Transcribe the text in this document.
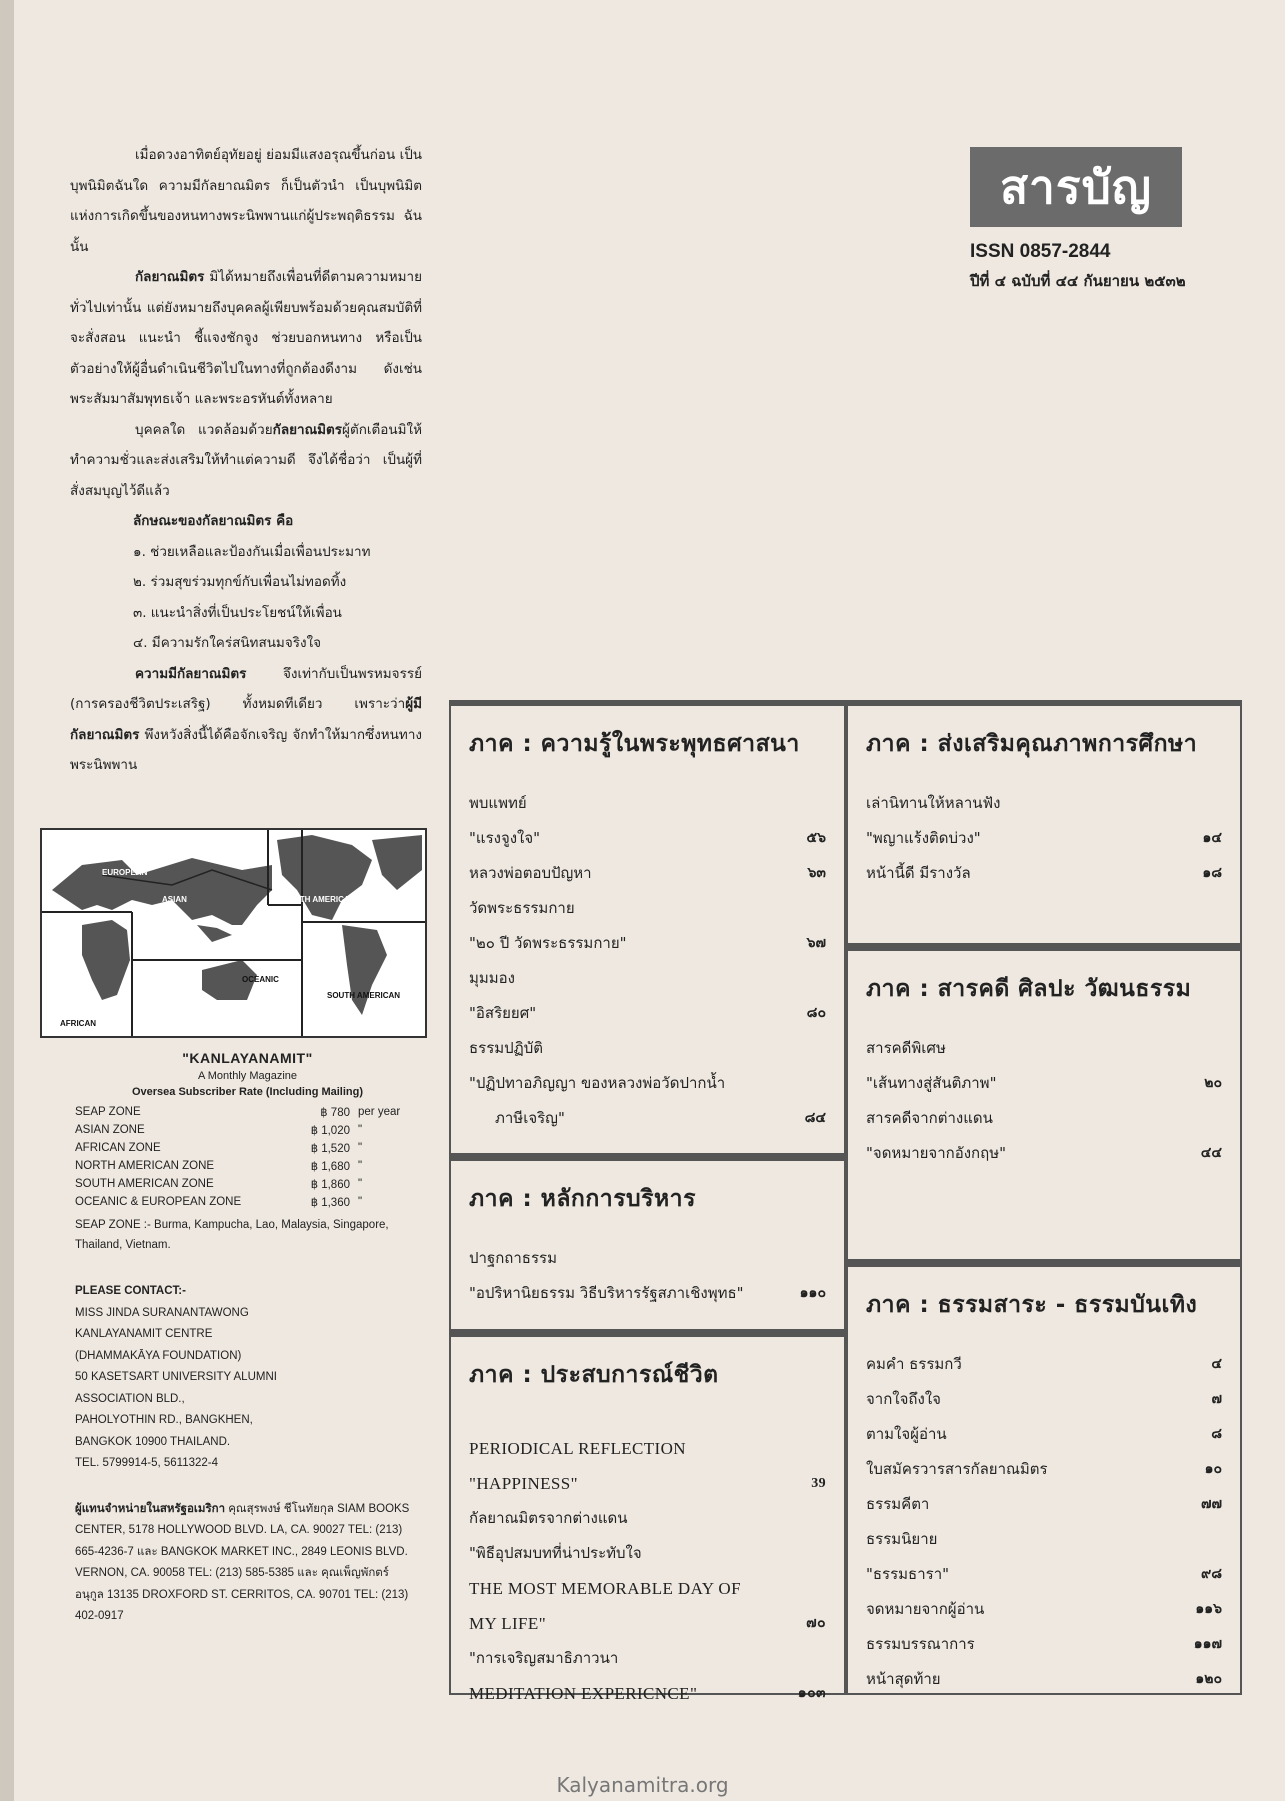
เมื่อดวงอาทิตย์อุทัยอยู่ ย่อมมีแสงอรุณขึ้นก่อน เป็นบุพนิมิตฉันใด ความมีกัลยาณมิตร ก็เป็นตัวนำ เป็นบุพนิมิตแห่งการเกิดขึ้นของหนทางพระนิพพานแก่ผู้ประพฤติธรรม ฉันนั้น

กัลยาณมิตร มิได้หมายถึงเพื่อนที่ดีตามความหมายทั่วไปเท่านั้น แต่ยังหมายถึงบุคคลผู้เพียบพร้อมด้วยคุณสมบัติที่จะสั่งสอน แนะนำ ชี้แจงชักจูง ช่วยบอกหนทาง หรือเป็นตัวอย่างให้ผู้อื่นดำเนินชีวิตไปในทางที่ถูกต้องดีงาม ดังเช่นพระสัมมาสัมพุทธเจ้า และพระอรหันต์ทั้งหลาย

บุคคลใด แวดล้อมด้วยกัลยาณมิตรผู้ตักเตือนมิให้ทำความชั่วและส่งเสริมให้ทำแต่ความดี จึงได้ชื่อว่า เป็นผู้ที่สั่งสมบุญไว้ดีแล้ว

ลักษณะของกัลยาณมิตร คือ
๑. ช่วยเหลือและป้องกันเมื่อเพื่อนประมาท
๒. ร่วมสุขร่วมทุกข์กับเพื่อนไม่ทอดทิ้ง
๓. แนะนำสิ่งที่เป็นประโยชน์ให้เพื่อน
๔. มีความรักใคร่สนิทสนมจริงใจ

ความมีกัลยาณมิตร จึงเท่ากับเป็นพรหมจรรย์ (การครองชีวิตประเสริฐ) ทั้งหมดทีเดียว เพราะว่าผู้มีกัลยาณมิตร พึงหวังสิ่งนี้ได้คือจักเจริญ จักทำให้มากซึ่งหนทางพระนิพพาน

สารบัญ
ISSN 0857-2844
ปีที่ ๔ ฉบับที่ ๔๔ กันยายน ๒๕๓๒
EUROPEAN
ASIAN
SEAP
NORTH AMERICAN
OCEANIC
SOUTH AMERICAN
AFRICAN
"KANLAYANAMIT"
A Monthly Magazine
Oversea Subscriber Rate (Including Mailing)
SEAP ZONE	฿ 780	per year
ASIAN ZONE	฿ 1,020	"
AFRICAN ZONE	฿ 1,520	"
NORTH AMERICAN ZONE	฿ 1,680	"
SOUTH AMERICAN ZONE	฿ 1,860	"
OCEANIC & EUROPEAN ZONE	฿ 1,360	"
SEAP ZONE :- Burma, Kampucha, Lao, Malaysia, Singapore, Thailand, Vietnam.
PLEASE CONTACT:-
MISS JINDA SURANANTAWONG
KANLAYANAMIT CENTRE
(DHAMMAKĀYA FOUNDATION)
50 KASETSART UNIVERSITY ALUMNI
ASSOCIATION BLD.,
PAHOLYOTHIN RD., BANGKHEN,
BANGKOK 10900 THAILAND.
TEL. 5799914-5, 5611322-4
ผู้แทนจำหน่ายในสหรัฐอเมริกา คุณสุรพงษ์ ชีโนทัยกุล SIAM BOOKS CENTER, 5178 HOLLYWOOD BLVD. LA, CA. 90027 TEL: (213) 665-4236-7 และ BANGKOK MARKET INC., 2849 LEONIS BLVD. VERNON, CA. 90058 TEL: (213) 585-5385 และ คุณเพ็ญพักตร์ อนุกูล 13135 DROXFORD ST. CERRITOS, CA. 90701 TEL: (213) 402-0917
ภาค : ความรู้ในพระพุทธศาสนา
พบแพทย์
"แรงจูงใจ"	๕๖
หลวงพ่อตอบปัญหา	๖๓
วัดพระธรรมกาย
"๒๐ ปี วัดพระธรรมกาย"	๖๗
มุมมอง
"อิสริยยศ"	๘๐
ธรรมปฏิบัติ
"ปฏิปทาอภิญญา ของหลวงพ่อวัดปากน้ำ
ภาษีเจริญ"	๘๔
ภาค : หลักการบริหาร
ปาฐกถาธรรม
"อปริหานิยธรรม วิธีบริหารรัฐสภาเชิงพุทธ"	๑๑๐
ภาค : ประสบการณ์ชีวิต
PERIODICAL REFLECTION
"HAPPINESS"	39
กัลยาณมิตรจากต่างแดน
"พิธีอุปสมบทที่น่าประทับใจ
THE MOST MEMORABLE DAY OF
MY LIFE"	๗๐
"การเจริญสมาธิภาวนา
MEDITATION EXPERICNCE"	๑๐๓
ภาค : ส่งเสริมคุณภาพการศึกษา
เล่านิทานให้หลานฟัง
"พญาแร้งติดบ่วง"	๑๔
หน้านี้ดี มีรางวัล	๑๘
ภาค : สารคดี ศิลปะ วัฒนธรรม
สารคดีพิเศษ
"เส้นทางสู่สันติภาพ"	๒๐
สารคดีจากต่างแดน
"จดหมายจากอังกฤษ"	๔๔
ภาค : ธรรมสาระ - ธรรมบันเทิง
คมคำ ธรรมกวี	๔
จากใจถึงใจ	๗
ตามใจผู้อ่าน	๘
ใบสมัครวารสารกัลยาณมิตร	๑๐
ธรรมคีตา	๗๗
ธรรมนิยาย
"ธรรมธารา"	๙๘
จดหมายจากผู้อ่าน	๑๑๖
ธรรมบรรณาการ	๑๑๗
หน้าสุดท้าย	๑๒๐
Kalyanamitra.org
